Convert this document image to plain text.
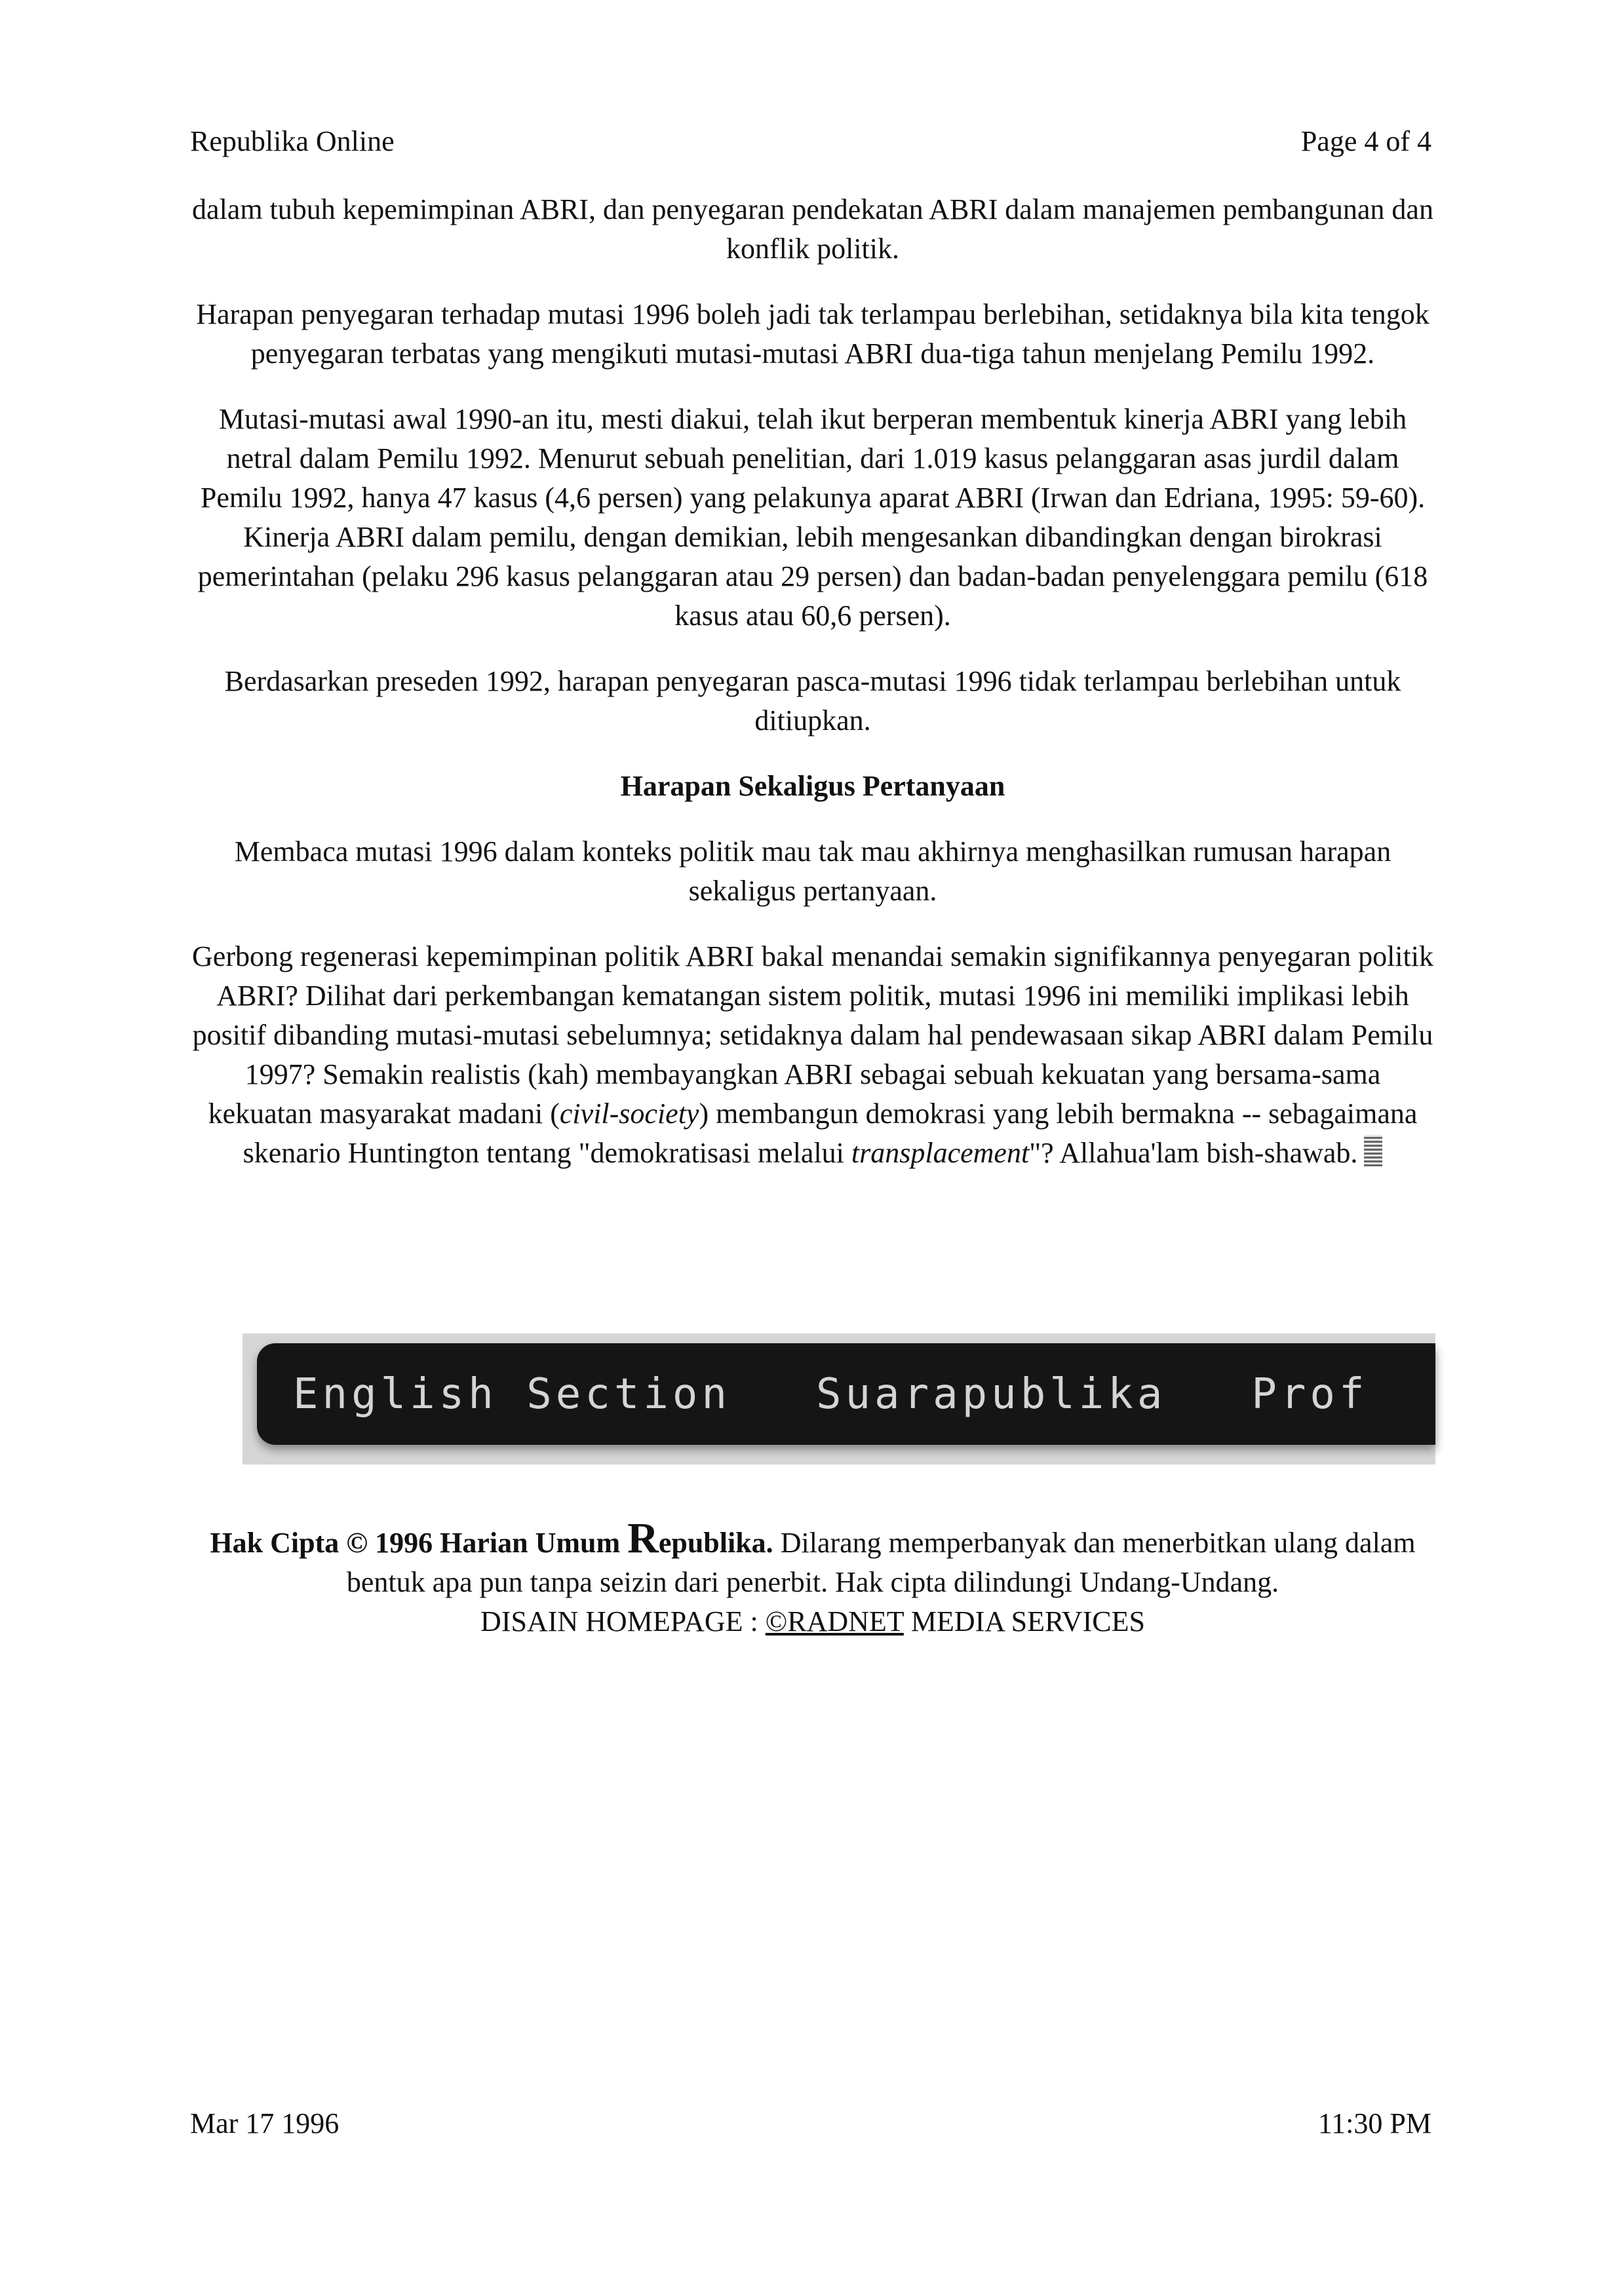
Republika Online	Page 4 of 4

dalam tubuh kepemimpinan ABRI, dan penyegaran pendekatan ABRI dalam manajemen pembangunan dan konflik politik.

Harapan penyegaran terhadap mutasi 1996 boleh jadi tak terlampau berlebihan, setidaknya bila kita tengok penyegaran terbatas yang mengikuti mutasi-mutasi ABRI dua-tiga tahun menjelang Pemilu 1992.

Mutasi-mutasi awal 1990-an itu, mesti diakui, telah ikut berperan membentuk kinerja ABRI yang lebih netral dalam Pemilu 1992. Menurut sebuah penelitian, dari 1.019 kasus pelanggaran asas jurdil dalam Pemilu 1992, hanya 47 kasus (4,6 persen) yang pelakunya aparat ABRI (Irwan dan Edriana, 1995: 59-60). Kinerja ABRI dalam pemilu, dengan demikian, lebih mengesankan dibandingkan dengan birokrasi pemerintahan (pelaku 296 kasus pelanggaran atau 29 persen) dan badan-badan penyelenggara pemilu (618 kasus atau 60,6 persen).

Berdasarkan preseden 1992, harapan penyegaran pasca-mutasi 1996 tidak terlampau berlebihan untuk ditiupkan.

Harapan Sekaligus Pertanyaan

Membaca mutasi 1996 dalam konteks politik mau tak mau akhirnya menghasilkan rumusan harapan sekaligus pertanyaan.

Gerbong regenerasi kepemimpinan politik ABRI bakal menandai semakin signifikannya penyegaran politik ABRI? Dilihat dari perkembangan kematangan sistem politik, mutasi 1996 ini memiliki implikasi lebih positif dibanding mutasi-mutasi sebelumnya; setidaknya dalam hal pendewasaan sikap ABRI dalam Pemilu 1997? Semakin realistis (kah) membayangkan ABRI sebagai sebuah kekuatan yang bersama-sama kekuatan masyarakat madani (civil-society) membangun demokrasi yang lebih bermakna -- sebagaimana skenario Huntington tentang "demokratisasi melalui transplacement"? Allahua'lam bish-shawab.

English Section Suarapublika Prof
Hak Cipta © 1996 Harian Umum Republika. Dilarang memperbanyak dan menerbitkan ulang dalam bentuk apa pun tanpa seizin dari penerbit. Hak cipta dilindungi Undang-Undang.
DISAIN HOMEPAGE : ©RADNET MEDIA SERVICES
Mar 17 1996	11:30 PM
